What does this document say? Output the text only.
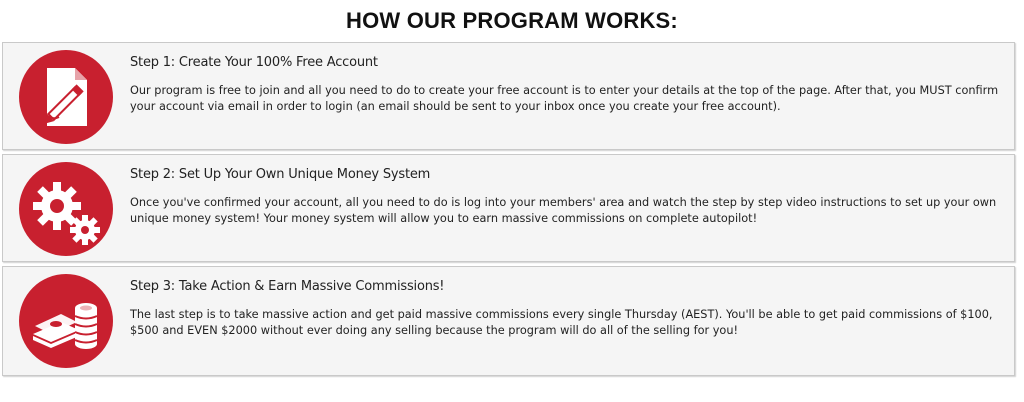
HOW OUR PROGRAM WORKS:
Step 1: Create Your 100% Free Account
Our program is free to join and all you need to do to create your free account is to enter your details at the top of the page. After that, you MUST confirm your account via email in order to login (an email should be sent to your inbox once you create your free account).
Step 2: Set Up Your Own Unique Money System
Once you've confirmed your account, all you need to do is log into your members' area and watch the step by step video instructions to set up your own unique money system! Your money system will allow you to earn massive commissions on complete autopilot!
Step 3: Take Action & Earn Massive Commissions!
The last step is to take massive action and get paid massive commissions every single Thursday (AEST). You'll be able to get paid commissions of $100, $500 and EVEN $2000 without ever doing any selling because the program will do all of the selling for you!
